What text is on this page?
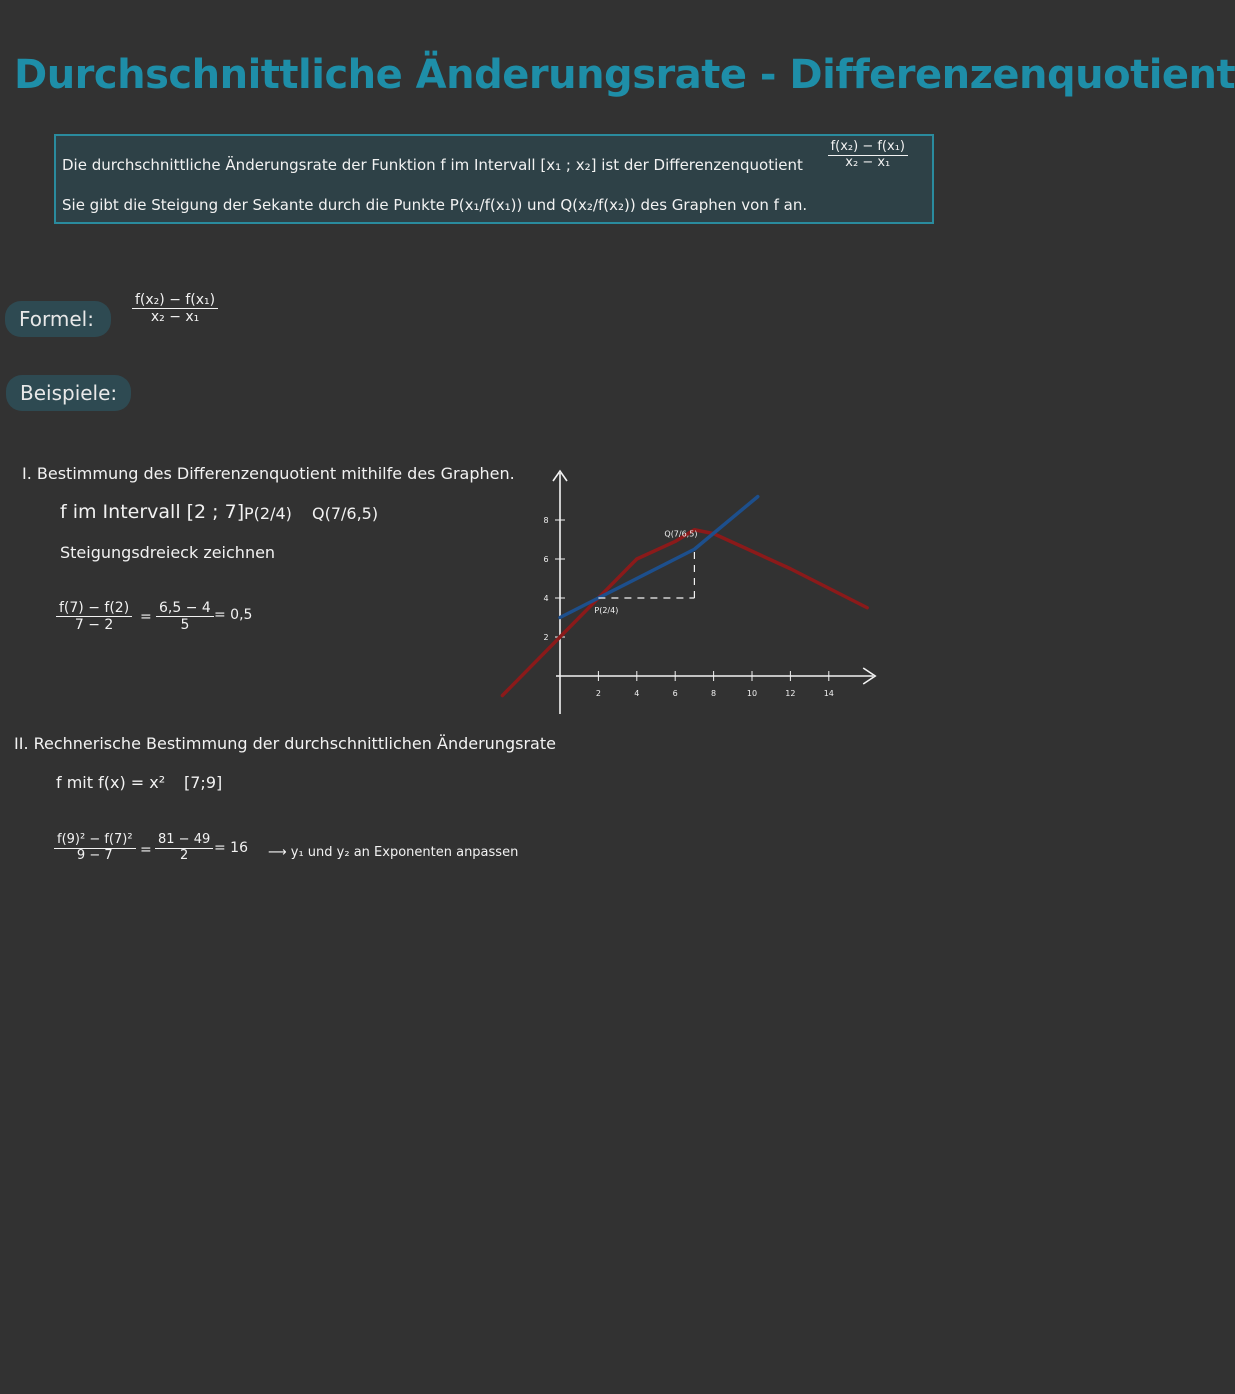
Durchschnittliche Änderungsrate - Differenzenquotient
Die durchschnittliche Änderungsrate der Funktion f im Intervall [x₁ ; x₂] ist der Differenzenquotient $\frac{\text{f(x₂) − f(x₁)}}{\text{x₂ − x₁}}$
Sie gibt die Steigung der Sekante durch die Punkte P(x₁/f(x₁)) und Q(x₂/f(x₂)) des Graphen von f an.
Formel:	$\frac{\text{f(x₂) − f(x₁)}}{\text{x₂ − x₁}}$
Beispiele:
I. Bestimmung des Differenzenquotient mithilfe des Graphen.
f im Intervall [2 ; 7] P(2/4) Q(7/6,5)
Steigungsdreieck zeichnen
$\frac{f(7) - f(2)}{7 - 2} = \frac{6,5 - 4}{5} = 0,5$
II. Rechnerische Bestimmung der durchschnittlichen Änderungsrate
f mit f(x) = x² [7;9]
$\frac{\text{f(9)² − f(7)²}}{9 - 7} = \frac{81 - 49}{2} = 16$ ⟶ y₁ und y₂ an Exponenten anpassen
2	4	6	8	10	12	14
2
4
6
8
P(2/4)
Q(7/6,5)
